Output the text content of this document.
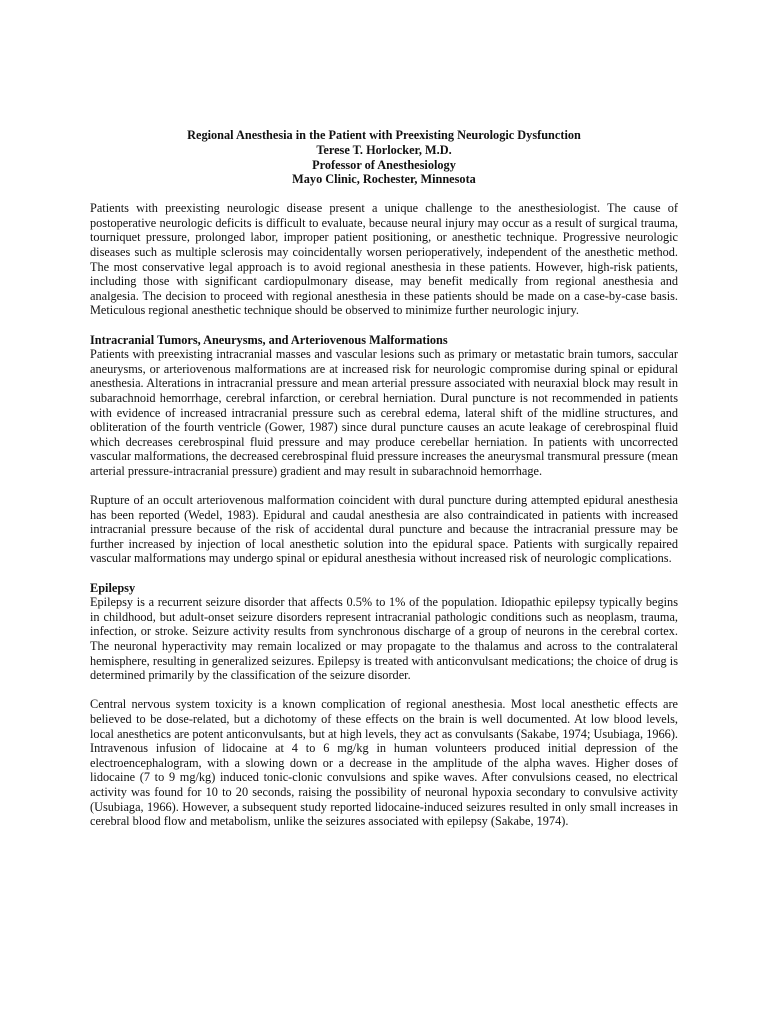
Regional Anesthesia in the Patient with Preexisting Neurologic Dysfunction
Terese T. Horlocker, M.D.
Professor of Anesthesiology
Mayo Clinic, Rochester, Minnesota

Patients with preexisting neurologic disease present a unique challenge to the anesthesiologist. The cause of postoperative neurologic deficits is difficult to evaluate, because neural injury may occur as a result of surgical trauma, tourniquet pressure, prolonged labor, improper patient positioning, or anesthetic technique. Progressive neurologic diseases such as multiple sclerosis may coincidentally worsen perioperatively, independent of the anesthetic method. The most conservative legal approach is to avoid regional anesthesia in these patients. However, high-risk patients, including those with significant cardiopulmonary disease, may benefit medically from regional anesthesia and analgesia. The decision to proceed with regional anesthesia in these patients should be made on a case-by-case basis. Meticulous regional anesthetic technique should be observed to minimize further neurologic injury.

Intracranial Tumors, Aneurysms, and Arteriovenous Malformations

Patients with preexisting intracranial masses and vascular lesions such as primary or metastatic brain tumors, saccular aneurysms, or arteriovenous malformations are at increased risk for neurologic compromise during spinal or epidural anesthesia. Alterations in intracranial pressure and mean arterial pressure associated with neuraxial block may result in subarachnoid hemorrhage, cerebral infarction, or cerebral herniation. Dural puncture is not recommended in patients with evidence of increased intracranial pressure such as cerebral edema, lateral shift of the midline structures, and obliteration of the fourth ventricle (Gower, 1987) since dural puncture causes an acute leakage of cerebrospinal fluid which decreases cerebrospinal fluid pressure and may produce cerebellar herniation. In patients with uncorrected vascular malformations, the decreased cerebrospinal fluid pressure increases the aneurysmal transmural pressure (mean arterial pressure-intracranial pressure) gradient and may result in subarachnoid hemorrhage.

Rupture of an occult arteriovenous malformation coincident with dural puncture during attempted epidural anesthesia has been reported (Wedel, 1983). Epidural and caudal anesthesia are also contraindicated in patients with increased intracranial pressure because of the risk of accidental dural puncture and because the intracranial pressure may be further increased by injection of local anesthetic solution into the epidural space. Patients with surgically repaired vascular malformations may undergo spinal or epidural anesthesia without increased risk of neurologic complications.

Epilepsy

Epilepsy is a recurrent seizure disorder that affects 0.5% to 1% of the population. Idiopathic epilepsy typically begins in childhood, but adult-onset seizure disorders represent intracranial pathologic conditions such as neoplasm, trauma, infection, or stroke. Seizure activity results from synchronous discharge of a group of neurons in the cerebral cortex. The neuronal hyperactivity may remain localized or may propagate to the thalamus and across to the contralateral hemisphere, resulting in generalized seizures. Epilepsy is treated with anticonvulsant medications; the choice of drug is determined primarily by the classification of the seizure disorder.

Central nervous system toxicity is a known complication of regional anesthesia. Most local anesthetic effects are believed to be dose-related, but a dichotomy of these effects on the brain is well documented. At low blood levels, local anesthetics are potent anticonvulsants, but at high levels, they act as convulsants (Sakabe, 1974; Usubiaga, 1966). Intravenous infusion of lidocaine at 4 to 6 mg/kg in human volunteers produced initial depression of the electroencephalogram, with a slowing down or a decrease in the amplitude of the alpha waves. Higher doses of lidocaine (7 to 9 mg/kg) induced tonic-clonic convulsions and spike waves. After convulsions ceased, no electrical activity was found for 10 to 20 seconds, raising the possibility of neuronal hypoxia secondary to convulsive activity (Usubiaga, 1966). However, a subsequent study reported lidocaine-induced seizures resulted in only small increases in cerebral blood flow and metabolism, unlike the seizures associated with epilepsy (Sakabe, 1974).
